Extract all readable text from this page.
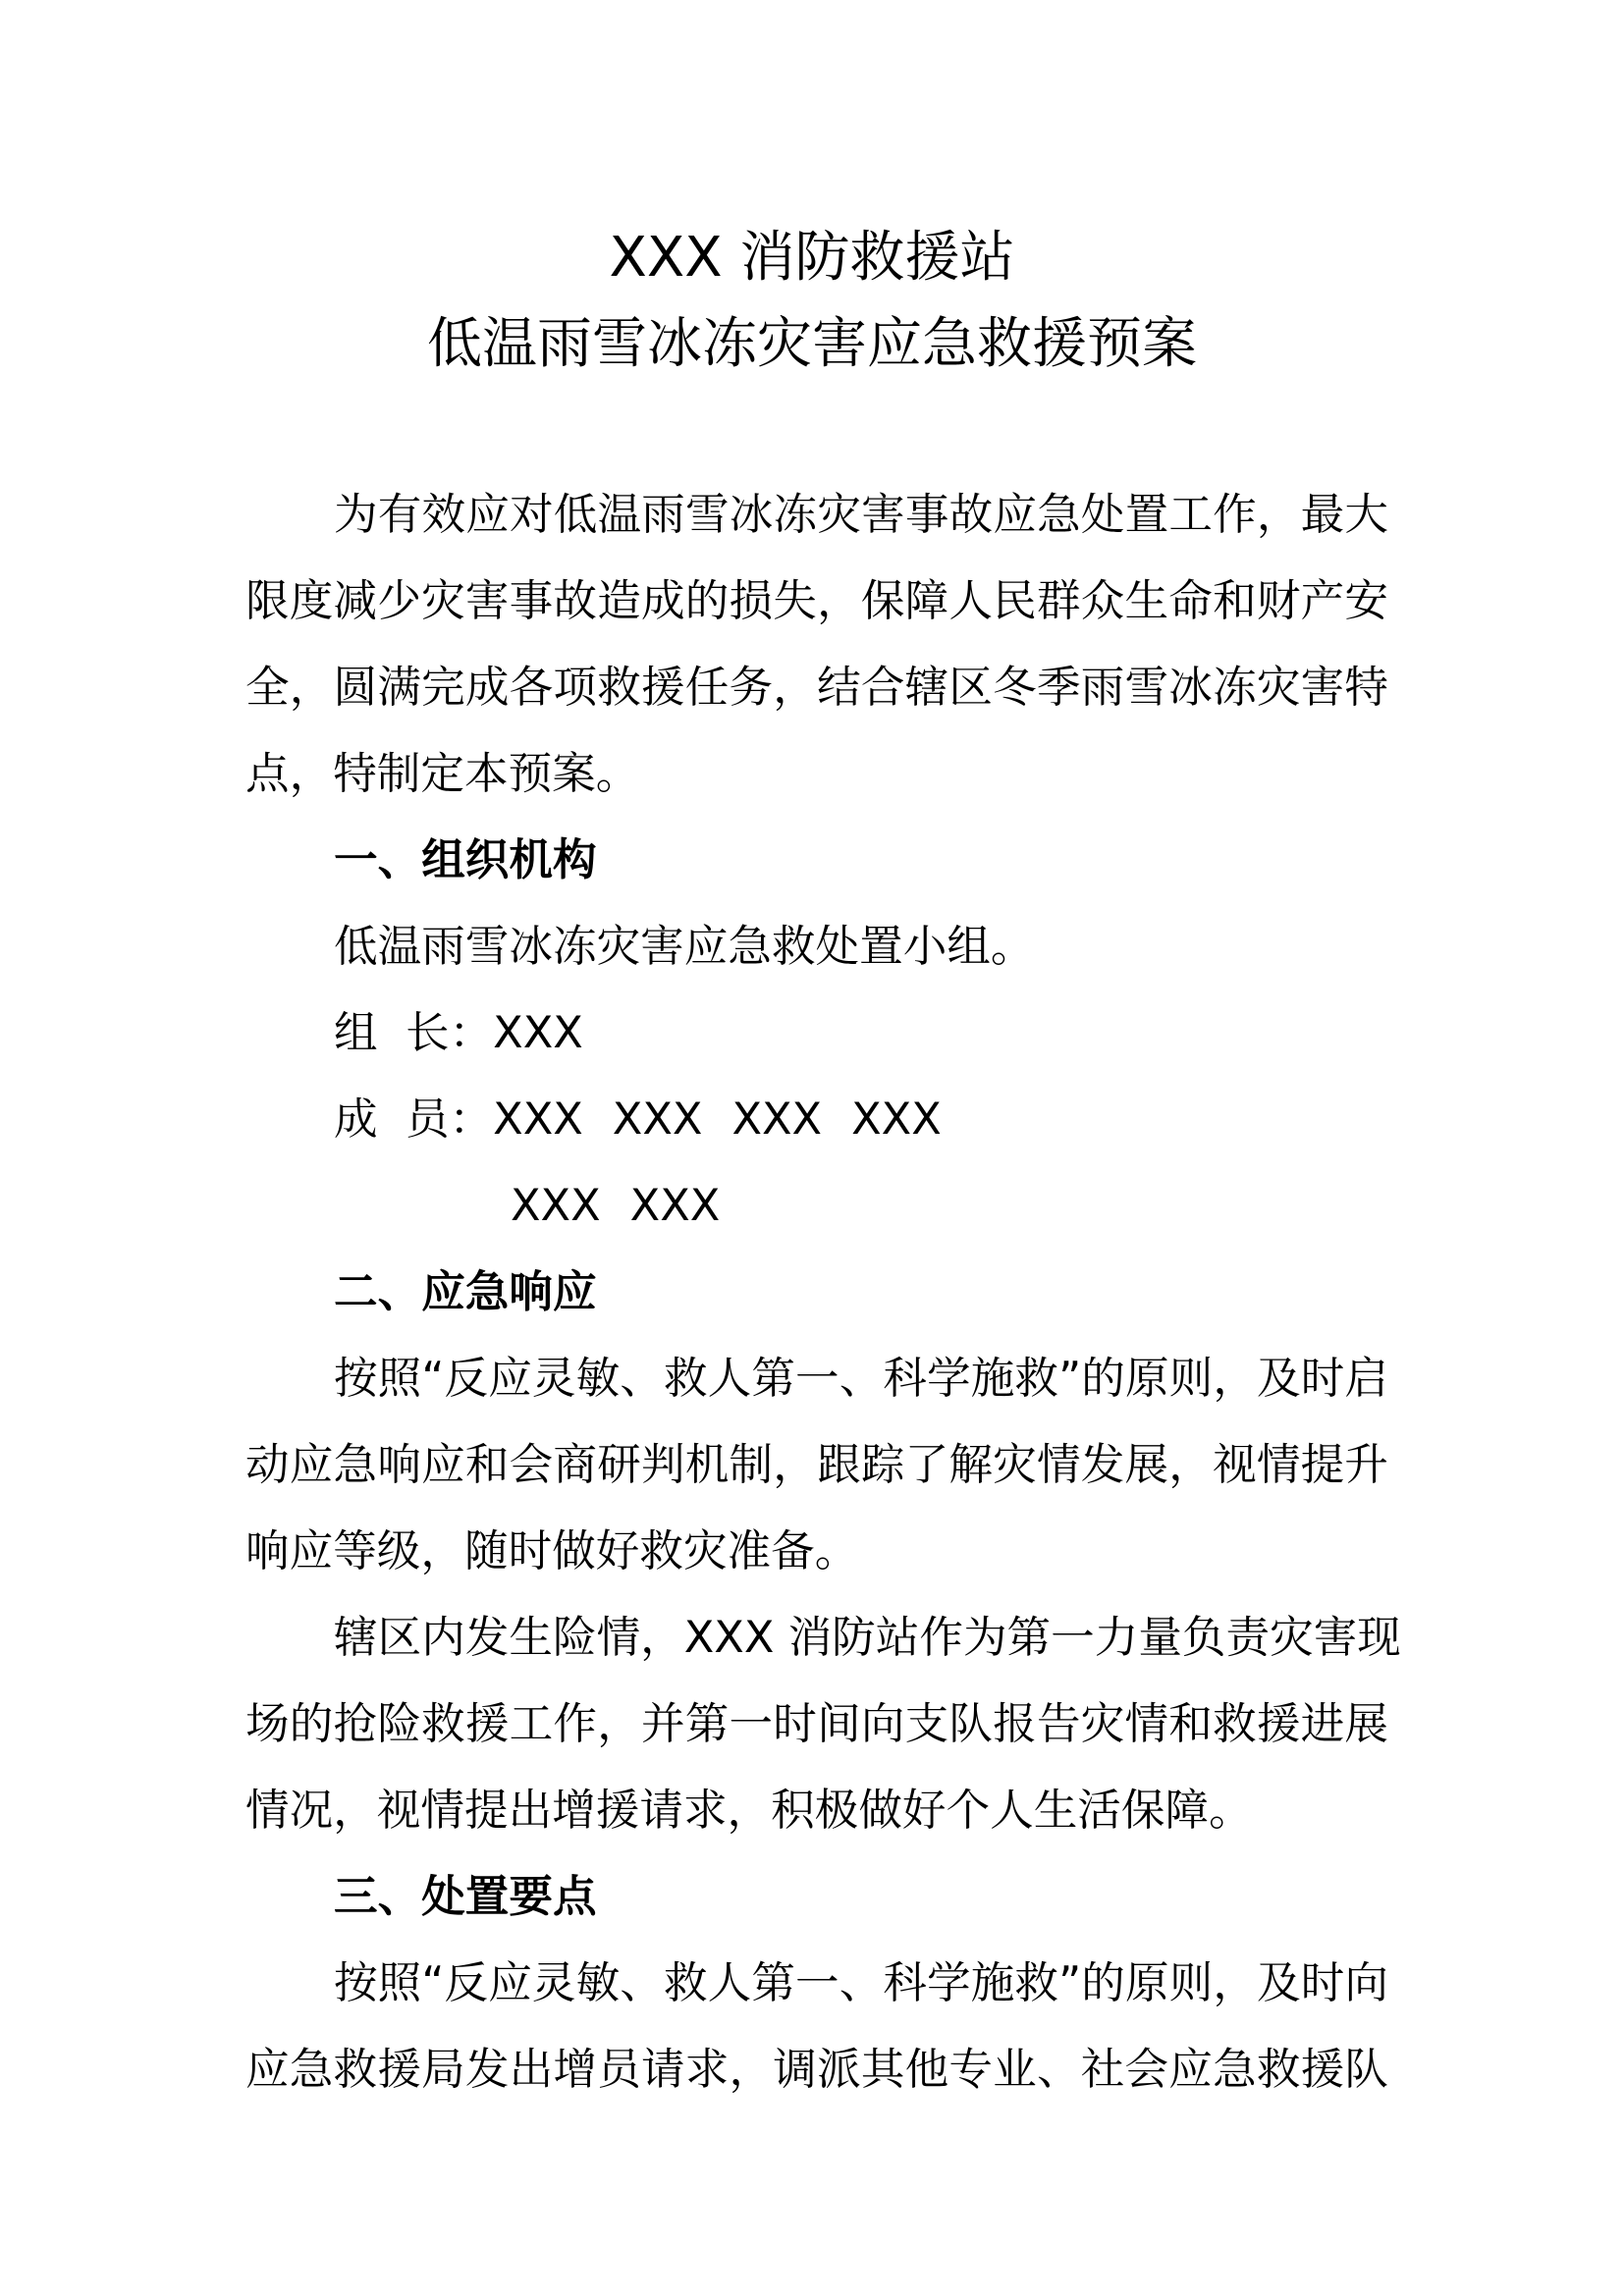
XXX 消防救援站
低温雨雪冰冻灾害应急救援预案
为有效应对低温雨雪冰冻灾害事故应急处置工作，最大
限度减少灾害事故造成的损失，保障人民群众生命和财产安
全，圆满完成各项救援任务，结合辖区冬季雨雪冰冻灾害特
点，特制定本预案。
一、组织机构
低温雨雪冰冻灾害应急救处置小组。
组  长：XXX
成  员：XXX XXX XXX XXX
XXX XXX
二、应急响应
按照“反应灵敏、救人第一、科学施救”的原则，及时启
动应急响应和会商研判机制，跟踪了解灾情发展，视情提升
响应等级，随时做好救灾准备。
辖区内发生险情，XXX 消防站作为第一力量负责灾害现
场的抢险救援工作，并第一时间向支队报告灾情和救援进展
情况，视情提出增援请求，积极做好个人生活保障。
三、处置要点
按照“反应灵敏、救人第一、科学施救”的原则，及时向
应急救援局发出增员请求，调派其他专业、社会应急救援队
